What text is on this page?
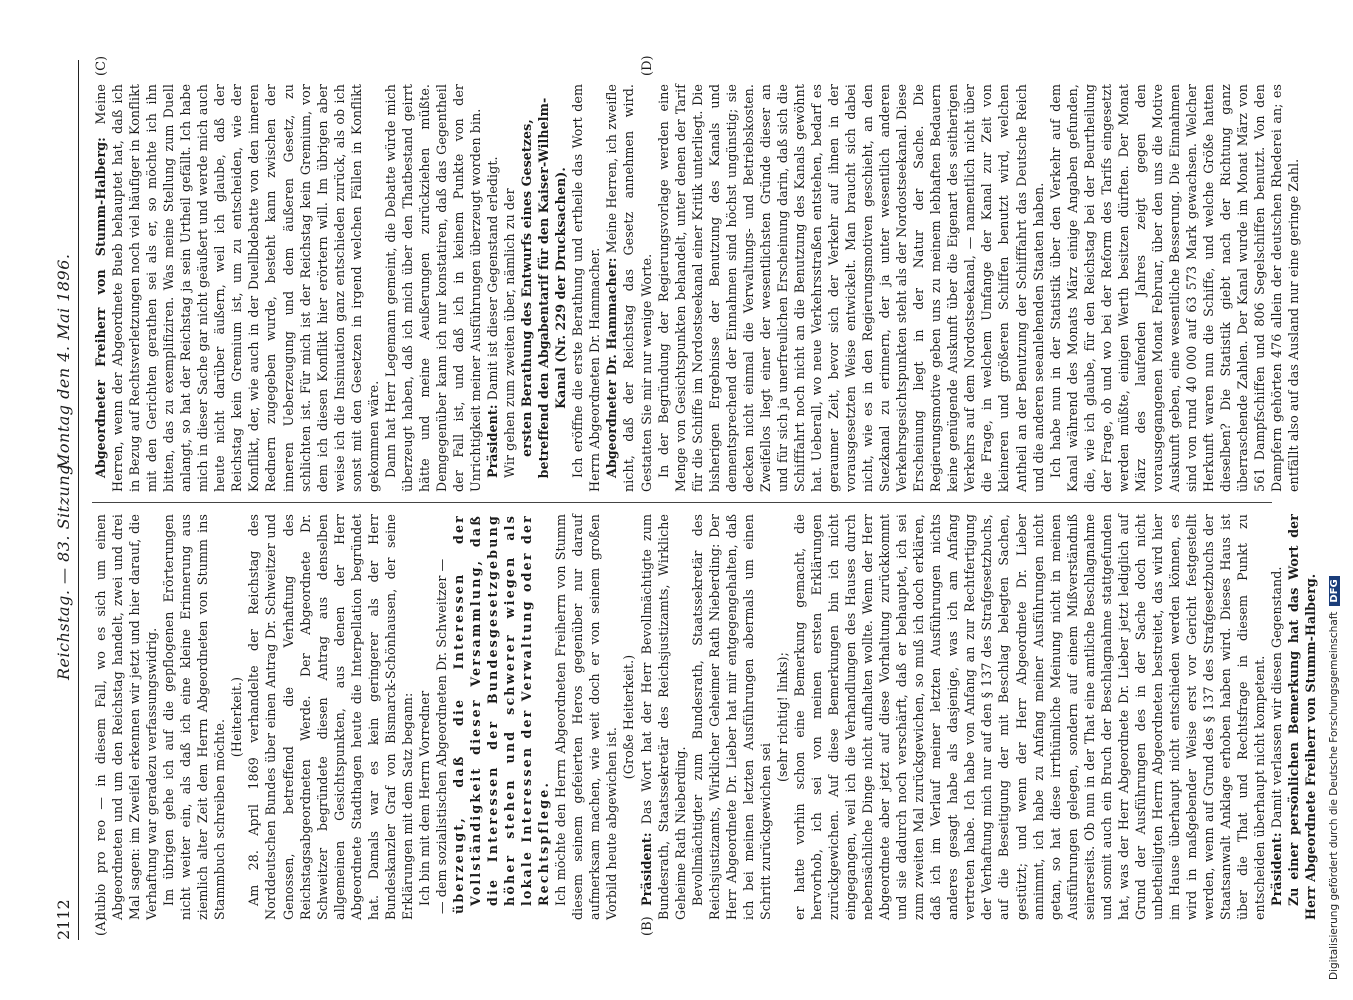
2112
Reichstag. — 83. Sitzung.
Montag den 4. Mai 1896.
(A)	(B)
(C)	(D)

dubio pro reo — in diesem Fall, wo es sich um einen Abgeordneten und um den Reichstag handelt, zwei und drei Mal sagen: im Zweifel erkennen wir jetzt und hier darauf, die Verhaftung war geradezu verfassungswidrig. Im übrigen gehe ich auf die gepflogenen Erörterungen nicht weiter ein, als daß ich eine kleine Erinnerung aus ziemlich alter Zeit dem Herrn Abgeordneten von Stumm ins Stammbuch schreiben möchte.

(Heiterkeit.) Am 28. April 1869 verhandelte der Reichstag des Norddeutschen Bundes über einen Antrag Dr. Schweitzer und Genossen, betreffend die Verhaftung des Reichstagsabgeordneten Werde. Der Abgeordnete Dr. Schweitzer begründete diesen Antrag aus denselben allgemeinen Gesichtspunkten, aus denen der Herr Abgeordnete Stadthagen heute die Interpellation begründet hat. Damals war es kein geringerer als der Herr Bundeskanzler Graf von Bismarck-Schönhausen, der seine Erklärungen mit dem Satz begann: Ich bin mit dem Herrn Vorredner — dem sozialistischen Abgeordneten Dr. Schweitzer — überzeugt, daß die Interessen der Vollständigkeit dieser Versammlung, daß die Interessen der Bundesgesetzgebung höher stehen und schwerer wiegen als lokale Interessen der Verwaltung oder der Rechtspflege. Ich möchte den Herrn Abgeordneten Freiherrn von Stumm diesem seinem gefeierten Heros gegenüber nur darauf aufmerksam machen, wie weit doch er von seinem großen Vorbild heute abgewichen ist.

(Große Heiterkeit.)

Präsident: Das Wort hat der Herr Bevollmächtigte zum Bundesrath, Staatssekretär des Reichsjustizamts, Wirkliche Geheime Rath Nieberding. Bevollmächtigter zum Bundesrath, Staatssekretär des Reichsjustizamts, Wirklicher Geheimer Rath Nieberding: Der Herr Abgeordnete Dr. Lieber hat mir entgegengehalten, daß ich bei meinen letzten Ausführungen abermals um einen Schritt zurückgewichen sei

(sehr richtig! links); er hatte vorhin schon eine Bemerkung gemacht, die hervorhob, ich sei von meinen ersten Erklärungen zurückgewichen. Auf diese Bemerkungen bin ich nicht eingegangen, weil ich die Verhandlungen des Hauses durch nebensächliche Dinge nicht aufhalten wollte. Wenn der Herr Abgeordnete aber jetzt auf diese Vorhaltung zurückkommt und sie dadurch noch verschärft, daß er behauptet, ich sei zum zweiten Mal zurückgewichen, so muß ich doch erklären, daß ich im Verlauf meiner letzten Ausführungen nichts anderes gesagt habe als dasjenige, was ich am Anfang vertreten habe. Ich habe von Anfang an zur Rechtfertigung der Verhaftung mich nur auf den § 137 des Strafgesetzbuchs, auf die Beseitigung der mit Beschlag belegten Sachen, gestützt; und wenn der Herr Abgeordnete Dr. Lieber annimmt, ich habe zu Anfang meiner Ausführungen nicht getan, so hat diese irrthümliche Meinung nicht in meinen Ausführungen gelegen, sondern auf einem Mißverständniß seinerseits. Ob nun in der That eine amtliche Beschlagnahme und somit auch ein Bruch der Beschlagnahme stattgefunden hat, was der Herr Abgeordnete Dr. Lieber jetzt lediglich auf Grund der Ausführungen des in der Sache doch nicht unbetheiligten Herrn Abgeordneten bestreitet, das wird hier im Hause überhaupt nicht entschieden werden können, es wird in maßgebender Weise erst vor Gericht festgestellt werden, wenn auf Grund des § 137 des Strafgesetzbuchs der Staatsanwalt Anklage erhoben haben wird. Dieses Haus ist über die That und Rechtsfrage in diesem Punkt zu entscheiden überhaupt nicht kompetent. Präsident: Damit verlassen wir diesen Gegenstand. Zu einer persönlichen Bemerkung hat das Wort der Herr Abgeordnete Freiherr von Stumm-Halberg.

Abgeordneter Freiherr von Stumm-Halberg: Meine Herren, wenn der Abgeordnete Bueb behauptet hat, daß ich in Bezug auf Rechtsverletzungen noch viel häufiger in Konflikt mit den Gerichten gerathen sei als er, so möchte ich ihn bitten, das zu exemplifiziren. Was meine Stellung zum Duell anlangt, so hat der Reichstag ja sein Urtheil gefällt. Ich habe mich in dieser Sache gar nicht geäußert und werde mich auch heute nicht darüber äußern, weil ich glaube, daß der Reichstag kein Gremium ist, um zu entscheiden, wie der Konflikt, der, wie auch in der Duellbdebatte von den inneren Rednern zugegeben wurde, besteht kann zwischen der inneren Ueberzeugung und dem äußeren Gesetz, zu schlichten ist. Für mich ist der Reichstag kein Gremium, vor dem ich diesen Konflikt hier erörtern will. Im übrigen aber weise ich die Insinuation ganz entschieden zurück, als ob ich sonst mit den Gesetzen in irgend welchen Fällen in Konflikt gekommen wäre. Dann hat Herr Legemann gemeint, die Debatte würde mich überzeugt haben, daß ich mich über den Thatbestand geirrt hätte und meine Aeußerungen zurückziehen müßte. Demgegenüber kann ich nur konstatiren, daß das Gegentheil der Fall ist, und daß ich in keinem Punkte von der Unrichtigkeit meiner Ausführungen überzeugt worden bin. Präsident: Damit ist dieser Gegenstand erledigt. Wir gehen zum zweiten über, nämlich zu der ersten Berathung des Entwurfs eines Gesetzes, betreffend den Abgabentarif für den Kaiser-Wilhelm-Kanal (Nr. 229 der Drucksachen). Ich eröffne die erste Berathung und ertheile das Wort dem Herrn Abgeordneten Dr. Hammacher. Abgeordneter Dr. Hammacher: Meine Herren, ich zweifle nicht, daß der Reichstag das Gesetz annehmen wird. Gestatten Sie mir nur wenige Worte. In der Begründung der Regierungsvorlage werden eine Menge von Gesichtspunkten behandelt, unter denen der Tarif für die Schiffe im Nordostseekanal einer Kritik unterliegt. Die bisherigen Ergebnisse der Benutzung des Kanals und dementsprechend der Einnahmen sind höchst ungünstig; sie decken nicht einmal die Verwaltungs- und Betriebskosten. Zweifellos liegt einer der wesentlichsten Gründe dieser an und für sich ja unerfreulichen Erscheinung darin, daß sich die Schifffahrt noch nicht an die Benutzung des Kanals gewöhnt hat. Ueberall, wo neue Verkehrsstraßen entstehen, bedarf es geraumer Zeit, bevor sich der Verkehr auf ihnen in der vorausgesetzten Weise entwickelt. Man braucht sich dabei nicht, wie es in den Regierungsmotiven geschieht, an den Suezkanal zu erinnern, der ja unter wesentlich anderen Verkehrsgesichtspunkten steht als der Nordostseekanal. Diese Erscheinung liegt in der Natur der Sache. Die Regierungsmotive geben uns zu meinem lebhaften Bedauern keine genügende Auskunft über die Eigenart des seitherigen Verkehrs auf dem Nordostseekanal, — namentlich nicht über die Frage, in welchem Umfange der Kanal zur Zeit von kleineren und größeren Schiffen benutzt wird, welchen Antheil an der Benutzung der Schifffahrt das Deutsche Reich und die anderen seeanlehenden Staaten haben. Ich habe nun in der Statistik über den Verkehr auf dem Kanal während des Monats März einige Angaben gefunden, die, wie ich glaube, für den Reichstag bei der Beurtheilung der Frage, ob und wo bei der Reform des Tarifs eingesetzt werden müßte, einigen Werth besitzen dürften. Der Monat März des laufenden Jahres zeigt gegen den vorausgegangenen Monat Februar, über den uns die Motive Auskunft geben, eine wesentliche Besserung. Die Einnahmen sind von rund 40 000 auf 63 573 Mark gewachsen. Welcher Herkunft waren nun die Schiffe, und welche Größe hatten dieselben? Die Statistik giebt nach der Richtung ganz überraschende Zahlen. Der Kanal wurde im Monat März von 561 Dampfschiffen und 806 Segelschiffen benutzt. Von den Dampfern gehörten 476 allein der deutschen Rhederei an; es entfällt also auf das Ausland nur eine geringe Zahl.

Digitalisierung gefördert durch die Deutsche ForschungsgemeinschaftDFG
